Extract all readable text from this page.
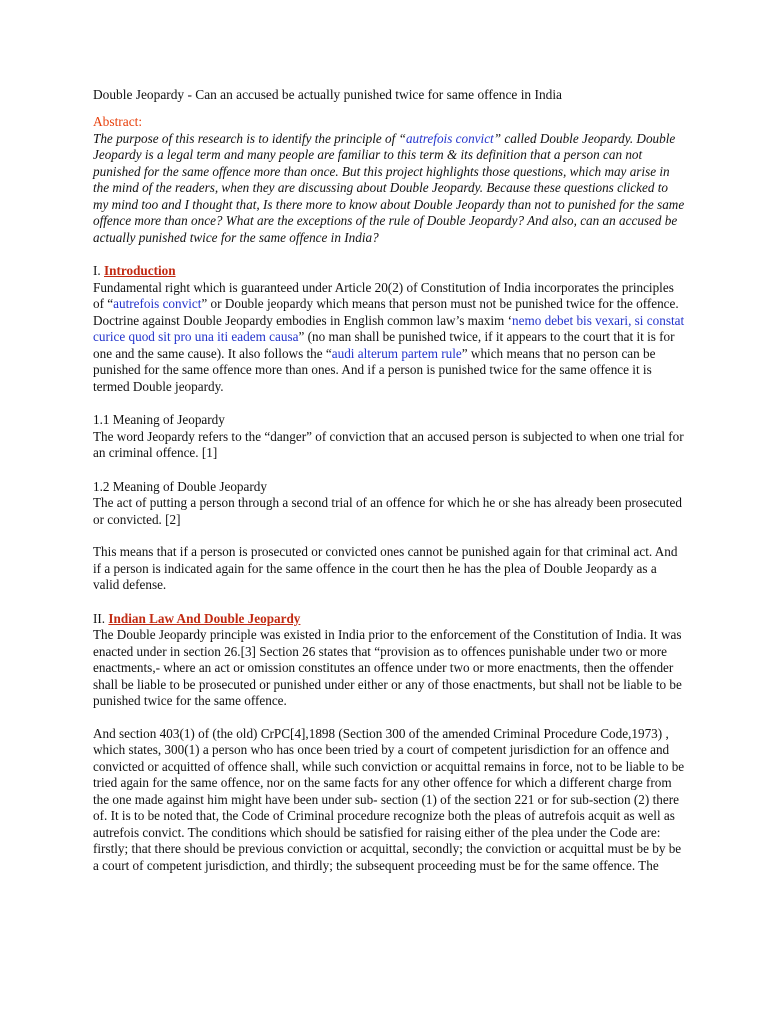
Double Jeopardy - Can an accused be actually punished twice for same offence in India
Abstract:

The purpose of this research is to identify the principle of “autrefois convict” called Double Jeopardy. Double Jeopardy is a legal term and many people are familiar to this term & its definition that a person can not punished for the same offence more than once. But this project highlights those questions, which may arise in the mind of the readers, when they are discussing about Double Jeopardy. Because these questions clicked to my mind too and I thought that, Is there more to know about Double Jeopardy than not to punished for the same offence more than once? What are the exceptions of the rule of Double Jeopardy? And also, can an accused be actually punished twice for the same offence in India?

I. Introduction

Fundamental right which is guaranteed under Article 20(2) of Constitution of India incorporates the principles of “autrefois convict” or Double jeopardy which means that person must not be punished twice for the offence. Doctrine against Double Jeopardy embodies in English common law’s maxim ‘nemo debet bis vexari, si constat curice quod sit pro una iti eadem causa” (no man shall be punished twice, if it appears to the court that it is for one and the same cause). It also follows the “audi alterum partem rule” which means that no person can be punished for the same offence more than ones. And if a person is punished twice for the same offence it is termed Double jeopardy.

1.1 Meaning of Jeopardy

The word Jeopardy refers to the “danger” of conviction that an accused person is subjected to when one trial for an criminal offence. [1]

1.2 Meaning of Double Jeopardy

The act of putting a person through a second trial of an offence for which he or she has already been prosecuted or convicted. [2]

This means that if a person is prosecuted or convicted ones cannot be punished again for that criminal act. And if a person is indicated again for the same offence in the court then he has the plea of Double Jeopardy as a valid defense.

II. Indian Law And Double Jeopardy

The Double Jeopardy principle was existed in India prior to the enforcement of the Constitution of India. It was enacted under in section 26.[3] Section 26 states that “provision as to offences punishable under two or more enactments,- where an act or omission constitutes an offence under two or more enactments, then the offender shall be liable to be prosecuted or punished under either or any of those enactments, but shall not be liable to be punished twice for the same offence.

And section 403(1) of (the old) CrPC[4],1898 (Section 300 of the amended Criminal Procedure Code,1973) , which states, 300(1) a person who has once been tried by a court of competent jurisdiction for an offence and convicted or acquitted of offence shall, while such conviction or acquittal remains in force, not to be liable to be tried again for the same offence, nor on the same facts for any other offence for which a different charge from the one made against him might have been under sub- section (1) of the section 221 or for sub-section (2) there of. It is to be noted that, the Code of Criminal procedure recognize both the pleas of autrefois acquit as well as autrefois convict. The conditions which should be satisfied for raising either of the plea under the Code are: firstly; that there should be previous conviction or acquittal, secondly; the conviction or acquittal must be by be a court of competent jurisdiction, and thirdly; the subsequent proceeding must be for the same offence. The
